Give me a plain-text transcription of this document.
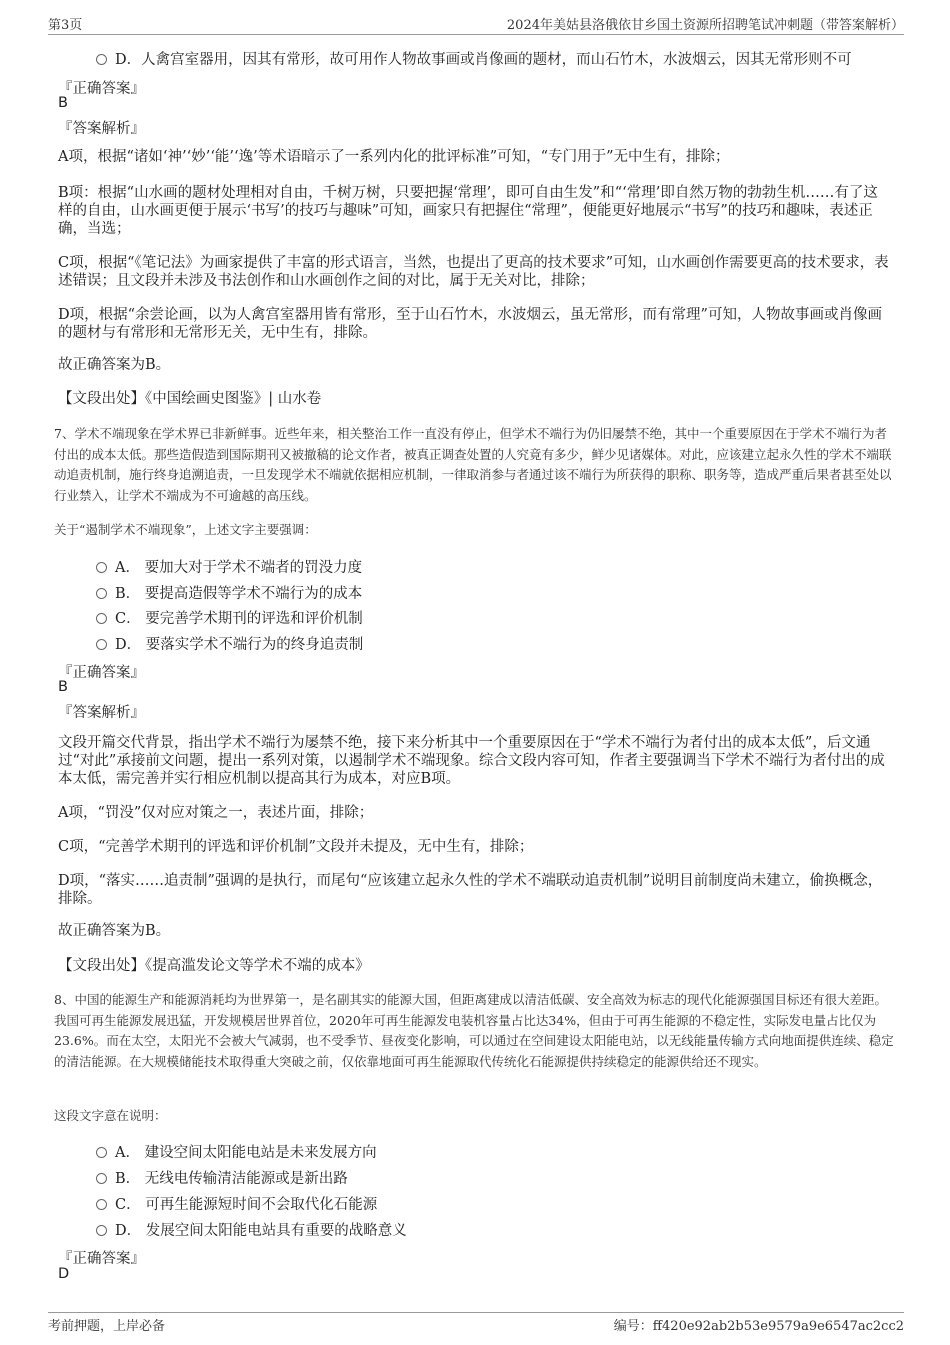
第3页	2024年美姑县洛俄依甘乡国土资源所招聘笔试冲刺题（带答案解析）
D．人禽宫室器用，因其有常形，故可用作人物故事画或肖像画的题材，而山石竹木，水波烟云，因其无常形则不可
『正确答案』
B
『答案解析』
A项，根据“诸如‘神’‘妙’‘能’‘逸’等术语暗示了一系列内化的批评标准”可知，“专门用于”无中生有，排除；
B项：根据“山水画的题材处理相对自由，千树万树，只要把握‘常理’，即可自由生发”和“‘常理’即自然万物的勃勃生机……有了这样的自由，山水画更便于展示‘书写’的技巧与趣味”可知，画家只有把握住“常理”，便能更好地展示“书写”的技巧和趣味，表述正确，当选；
C项，根据“《笔记法》为画家提供了丰富的形式语言，当然，也提出了更高的技术要求”可知，山水画创作需要更高的技术要求，表述错误；且文段并未涉及书法创作和山水画创作之间的对比，属于无关对比，排除；
D项，根据“余尝论画，以为人禽宫室器用皆有常形，至于山石竹木，水波烟云，虽无常形，而有常理”可知，人物故事画或肖像画的题材与有常形和无常形无关，无中生有，排除。
故正确答案为B。
【文段出处】《中国绘画史图鉴》| 山水卷
7、学术不端现象在学术界已非新鲜事。近些年来，相关整治工作一直没有停止，但学术不端行为仍旧屡禁不绝，其中一个重要原因在于学术不端行为者付出的成本太低。那些造假造到国际期刊又被撤稿的论文作者，被真正调查处置的人究竟有多少，鲜少见诸媒体。对此，应该建立起永久性的学术不端联动追责机制，施行终身追溯追责，一旦发现学术不端就依据相应机制，一律取消参与者通过该不端行为所获得的职称、职务等，造成严重后果者甚至处以行业禁入，让学术不端成为不可逾越的高压线。
关于“遏制学术不端现象”，上述文字主要强调：
A． 要加大对于学术不端者的罚没力度
B． 要提高造假等学术不端行为的成本
C． 要完善学术期刊的评选和评价机制
D． 要落实学术不端行为的终身追责制
『正确答案』
B
『答案解析』
文段开篇交代背景，指出学术不端行为屡禁不绝，接下来分析其中一个重要原因在于“学术不端行为者付出的成本太低”，后文通过“对此”承接前文问题，提出一系列对策，以遏制学术不端现象。综合文段内容可知，作者主要强调当下学术不端行为者付出的成本太低，需完善并实行相应机制以提高其行为成本，对应B项。
A项，“罚没”仅对应对策之一，表述片面，排除；
C项，“完善学术期刊的评选和评价机制”文段并未提及，无中生有，排除；
D项，“落实……追责制”强调的是执行，而尾句“应该建立起永久性的学术不端联动追责机制”说明目前制度尚未建立，偷换概念，排除。
故正确答案为B。
【文段出处】《提高滥发论文等学术不端的成本》
8、中国的能源生产和能源消耗均为世界第一，是名副其实的能源大国，但距离建成以清洁低碳、安全高效为标志的现代化能源强国目标还有很大差距。我国可再生能源发展迅猛，开发规模居世界首位，2020年可再生能源发电装机容量占比达34%，但由于可再生能源的不稳定性，实际发电量占比仅为23.6%。而在太空，太阳光不会被大气减弱，也不受季节、昼夜变化影响，可以通过在空间建设太阳能电站，以无线能量传输方式向地面提供连续、稳定的清洁能源。在大规模储能技术取得重大突破之前，仅依靠地面可再生能源取代传统化石能源提供持续稳定的能源供给还不现实。
这段文字意在说明：
A． 建设空间太阳能电站是未来发展方向
B． 无线电传输清洁能源或是新出路
C． 可再生能源短时间不会取代化石能源
D． 发展空间太阳能电站具有重要的战略意义
『正确答案』
D
考前押题，上岸必备	编号：ff420e92ab2b53e9579a9e6547ac2cc2
